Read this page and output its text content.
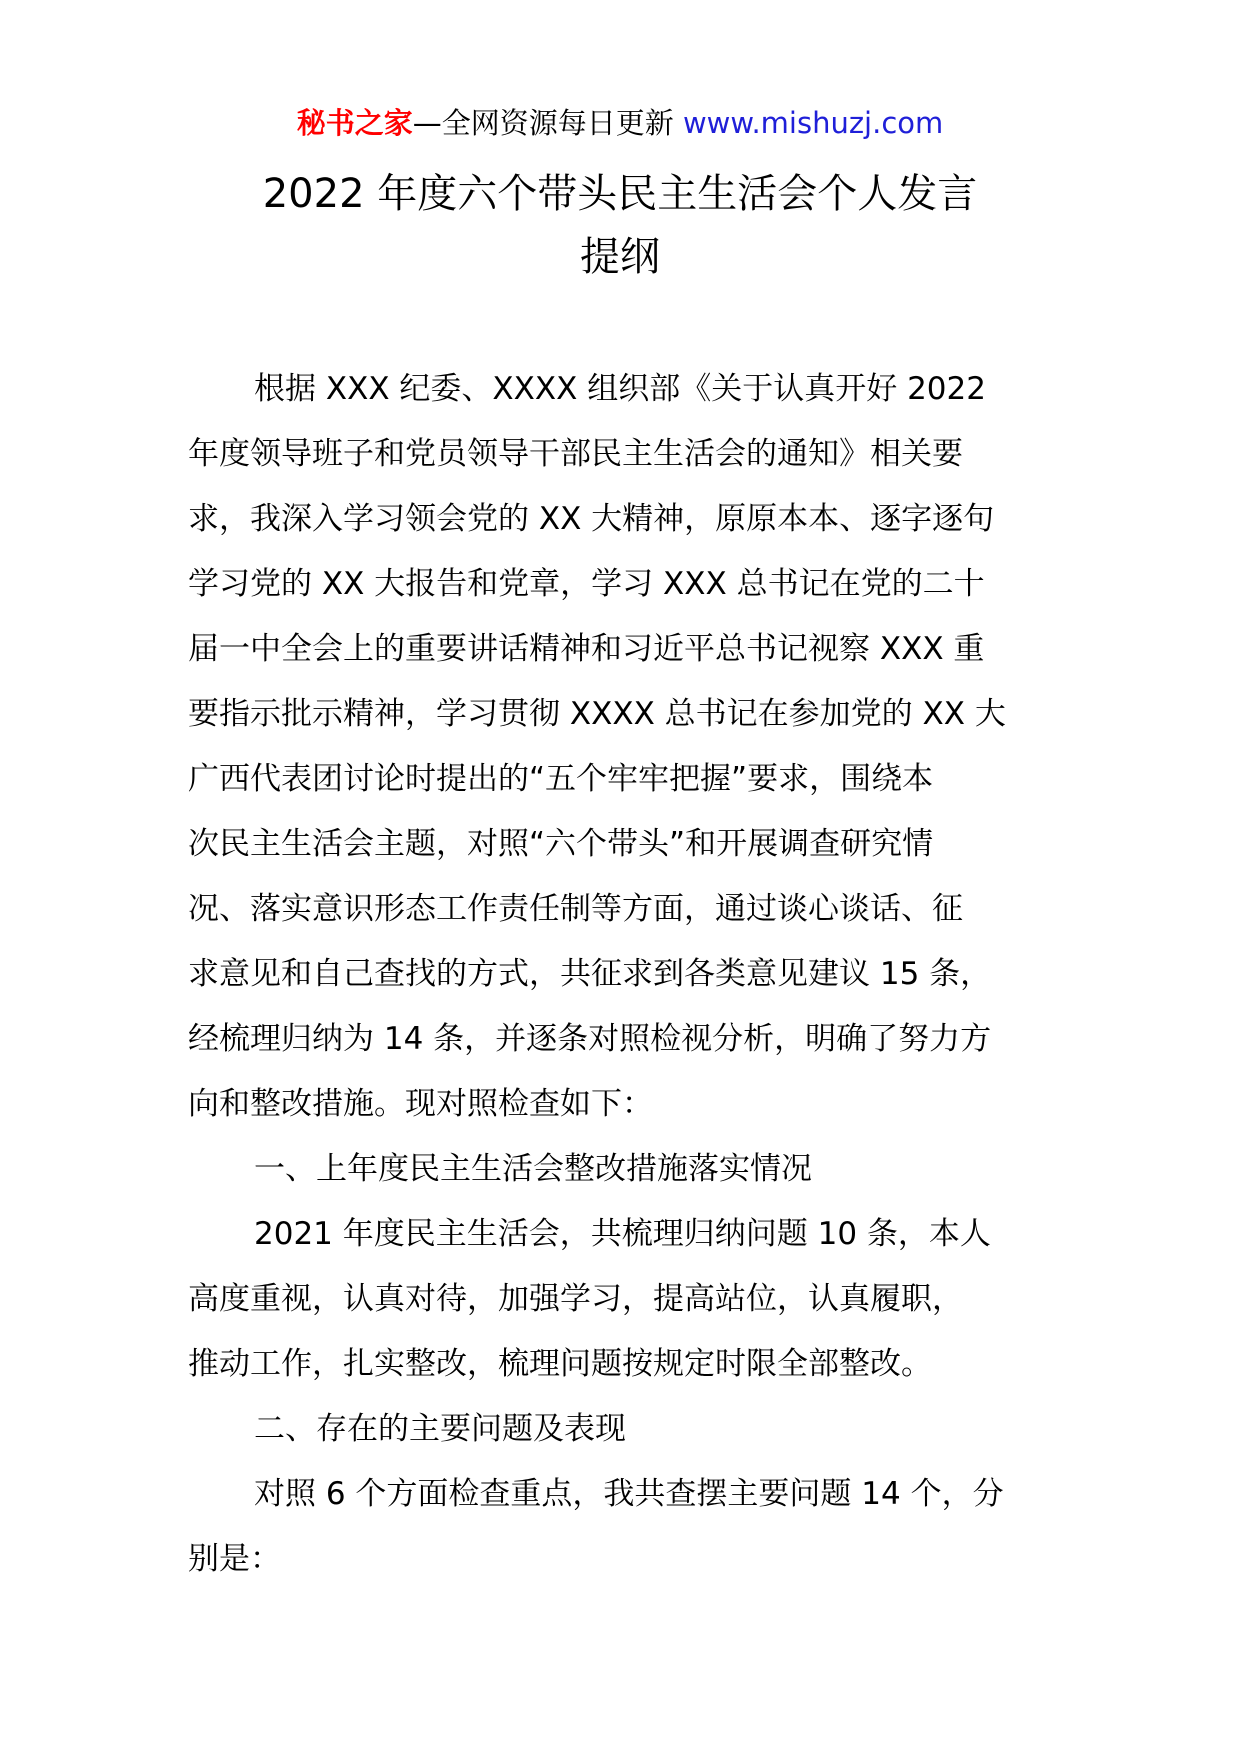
秘书之家—全网资源每日更新 www.mishuzj.com
2022 年度六个带头民主生活会个人发言
提纲
根据 XXX 纪委、XXXX 组织部《关于认真开好 2022
年度领导班子和党员领导干部民主生活会的通知》相关要
求，我深入学习领会党的 XX 大精神，原原本本、逐字逐句
学习党的 XX 大报告和党章，学习 XXX 总书记在党的二十
届一中全会上的重要讲话精神和习近平总书记视察 XXX 重
要指示批示精神，学习贯彻 XXXX 总书记在参加党的 XX 大
广西代表团讨论时提出的“五个牢牢把握”要求，围绕本
次民主生活会主题，对照“六个带头”和开展调查研究情
况、落实意识形态工作责任制等方面，通过谈心谈话、征
求意见和自己查找的方式，共征求到各类意见建议 15 条，
经梳理归纳为 14 条，并逐条对照检视分析，明确了努力方
向和整改措施。现对照检查如下：
一、上年度民主生活会整改措施落实情况
2021 年度民主生活会，共梳理归纳问题 10 条，本人
高度重视，认真对待，加强学习，提高站位，认真履职，
推动工作，扎实整改，梳理问题按规定时限全部整改。
二、存在的主要问题及表现
对照 6 个方面检查重点，我共查摆主要问题 14 个，分
别是：
